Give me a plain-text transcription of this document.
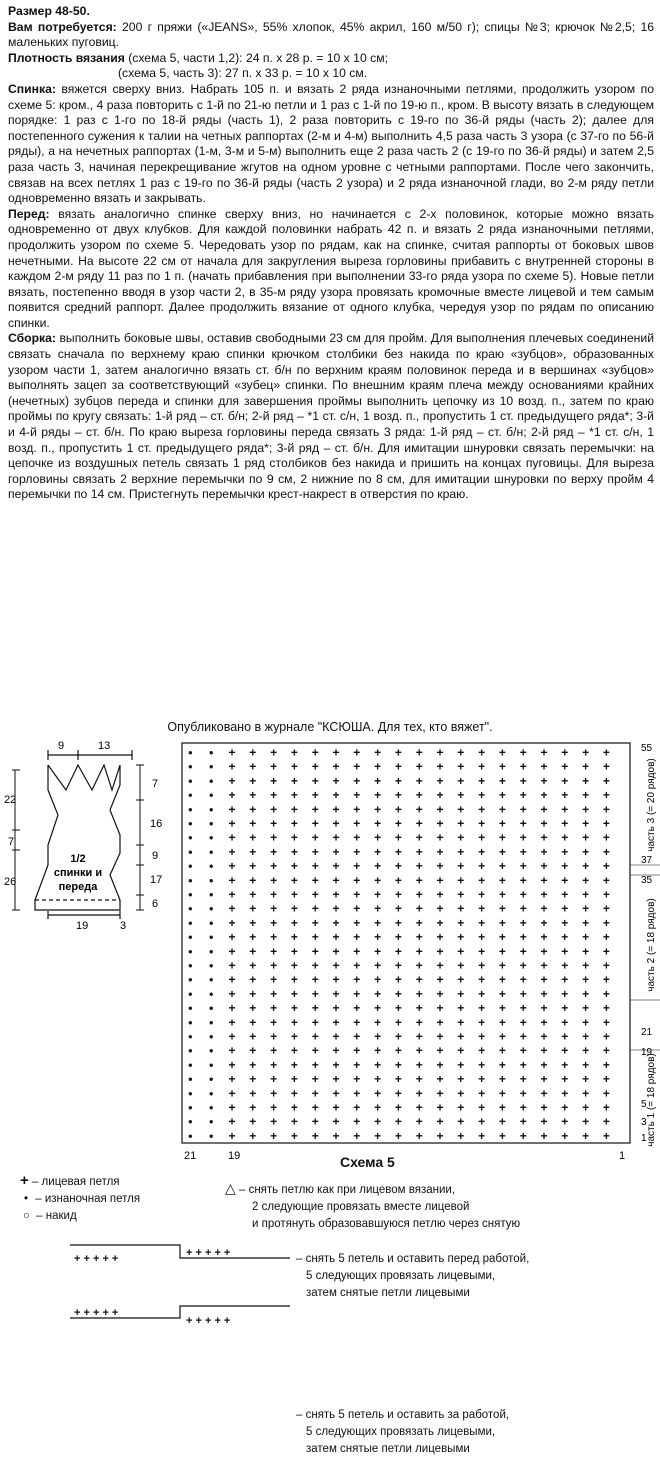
Размер 48-50.

Вам потребуется: 200 г пряжи («JEANS», 55% хлопок, 45% акрил, 160 м/50 г); спицы №3; крючок №2,5; 16 маленьких пуговиц.

Плотность вязания (схема 5, части 1,2): 24 п. х 28 р. = 10 х 10 см;

(схема 5, часть 3): 27 п. х 33 р. = 10 х 10 см.

Спинка: вяжется сверху вниз. Набрать 105 п. и вязать 2 ряда изнаночными петлями, продолжить узором по схеме 5: кром., 4 раза повторить с 1-й по 21-ю петли и 1 раз с 1-й по 19-ю п., кром. В высоту вязать в следующем порядке: 1 раз с 1-го по 18-й ряды (часть 1), 2 раза повторить с 19-го по 36-й ряды (часть 2); далее для постепенного сужения к талии на четных раппортах (2-м и 4-м) выполнить 4,5 раза часть 3 узора (с 37-го по 56-й ряды), а на нечетных раппортах (1-м, 3-м и 5-м) выполнить еще 2 раза часть 2 (с 19-го по 36-й ряды) и затем 2,5 раза часть 3, начиная перекрещивание жгутов на одном уровне с четными раппортами. После чего закончить, связав на всех петлях 1 раз с 19-го по 36-й ряды (часть 2 узора) и 2 ряда изнаночной глади, во 2-м ряду петли одновременно вязать и закрывать.

Перед: вязать аналогично спинке сверху вниз, но начинается с 2-х половинок, которые можно вязать одновременно от двух клубков. Для каждой половинки набрать 42 п. и вязать 2 ряда изнаночными петлями, продолжить узором по схеме 5. Чередовать узор по рядам, как на спинке, считая раппорты от боковых швов нечетными. На высоте 22 см от начала для закругления выреза горловины прибавить с внутренней стороны в каждом 2-м ряду 11 раз по 1 п. (начать прибавления при выполнении 33-го ряда узора по схеме 5). Новые петли вязать, постепенно вводя в узор части 2, в 35-м ряду узора провязать кромочные вместе лицевой и тем самым появится средний раппорт. Далее продолжить вязание от одного клубка, чередуя узор по рядам по описанию спинки.

Сборка: выполнить боковые швы, оставив свободными 23 см для пройм. Для выполнения плечевых соединений связать сначала по верхнему краю спинки крючком столбики без накида по краю «зубцов», образованных узором части 1, затем аналогично вязать ст. б/н по верхним краям половинок переда и в вершинах «зубцов» выполнять зацеп за соответствующий «зубец» спинки. По внешним краям плеча между основаниями крайних (нечетных) зубцов переда и спинки для завершения проймы выполнить цепочку из 10 возд. п., затем по краю проймы по кругу связать: 1-й ряд – ст. б/н; 2-й ряд – *1 ст. с/н, 1 возд. п., пропустить 1 ст. предыдущего ряда*; 3-й и 4-й ряды – ст. б/н. По краю выреза горловины переда связать 3 ряда: 1-й ряд – ст. б/н; 2-й ряд – *1 ст. с/н, 1 возд. п., пропустить 1 ст. предыдущего ряда*; 3-й ряд – ст. б/н. Для имитации шнуровки связать перемычки: на цепочке из воздушных петель связать 1 ряд столбиков без накида и пришить на концах пуговицы. Для выреза горловины связать 2 верхние перемычки по 9 см, 2 нижние по 8 см, для имитации шнуровки по верху пройм 4 перемычки по 14 см. Пристегнуть перемычки крест-накрест в отверстия по краю.

Опубликовано в журнале "КСЮША. Для тех, кто вяжет".
9	13
22
7
26
7
16
9
17
6
19	3
1/2
спинки и
переда
• • + + + + + + + + + + + + + + + + + + +
• • + + + + + + + + + + + + + + + + + + +
• • + + + + + + + + + + + + + + + + + + +
• • + + + + + + + + + + + + + + + + + + +
• • + + + + + + + + + + + + + + + + + + +
• • + + + + + + + + + + + + + + + + + + +
• • + + + + + + + + + + + + + + + + + + +
• • + + + + + + + + + + + + + + + + + + +
• • + + + + + + + + + + + + + + + + + + +
• • + + + + + + + + + + + + + + + + + + +
• • + + + + + + + + + + + + + + + + + + +
• • + + + + + + + + + + + + + + + + + + +
• • + + + + + + + + + + + + + + + + + + +
• • + + + + + + + + + + + + + + + + + + +
• • + + + + + + + + + + + + + + + + + + +
• • + + + + + + + + + + + + + + + + + + +
• • + + + + + + + + + + + + + + + + + + +
• • + + + + + + + + + + + + + + + + + + +
• • + + + + + + + + + + + + + + + + + + +
• • + + + + + + + + + + + + + + + + + + +
• • + + + + + + + + + + + + + + + + + + +
• • + + + + + + + + + + + + + + + + + + +
• • + + + + + + + + + + + + + + + + + + +
• • + + + + + + + + + + + + + + + + + + +
• • + + + + + + + + + + + + + + + + + + +
• • + + + + + + + + + + + + + + + + + + +
• • + + + + + + + + + + + + + + + + + + +
• • + + + + + + + + + + + + + + + + + + +	55
37
35
21
19
5
3
1
часть 3 (= 20 рядов)
часть 2 (= 18 рядов)
часть 1 (= 18 рядов)
21	19	1
Схема 5
+ – лицевая петля
• – изнаночная петля
○ – накид
△ – снять петлю как при лицевом вязании,
2 следующие провязать вместе лицевой
и протянуть образовавшуюся петлю через снятую
+ + + + +	+ + + + +
+ + + + +
+ + + + +
– снять 5 петель и оставить перед работой,
5 следующих провязать лицевыми,
затем снятые петли лицевыми
– снять 5 петель и оставить за работой,
5 следующих провязать лицевыми,
затем снятые петли лицевыми
